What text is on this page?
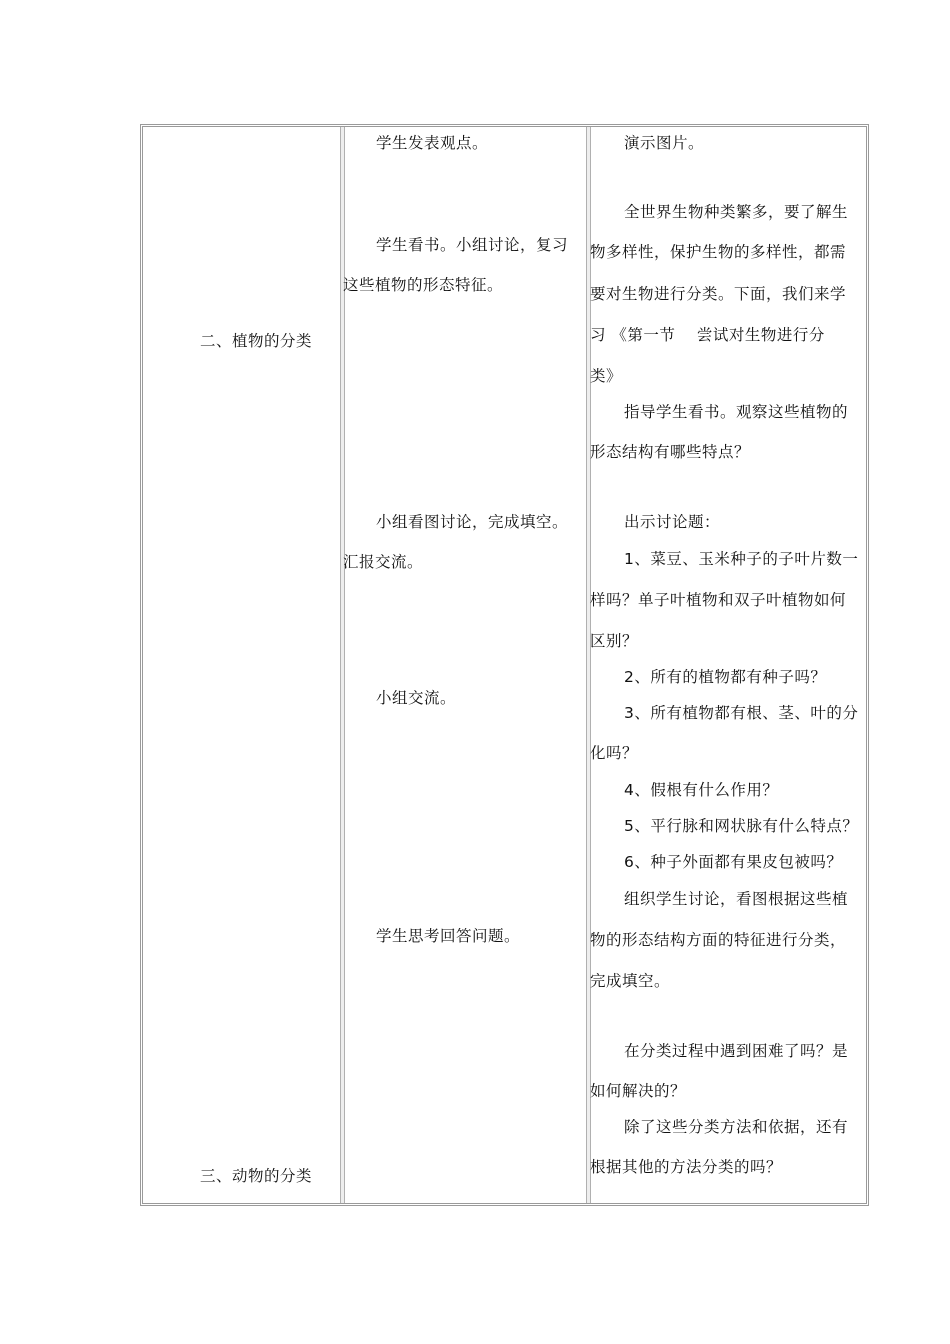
二、植物的分类
三、动物的分类
学生发表观点。
学生看书。小组讨论，复习
这些植物的形态特征。
小组看图讨论，完成填空。
汇报交流。
小组交流。
学生思考回答问题。
演示图片。
全世界生物种类繁多，要了解生
物多样性，保护生物的多样性，都需
要对生物进行分类。下面，我们来学
习 《第一节　 尝试对生物进行分
类》
指导学生看书。观察这些植物的
形态结构有哪些特点？
出示讨论题：
1、菜豆、玉米种子的子叶片数一
样吗？单子叶植物和双子叶植物如何
区别？
2、所有的植物都有种子吗？
3、所有植物都有根、茎、叶的分
化吗？
4、假根有什么作用？
5、平行脉和网状脉有什么特点？
6、种子外面都有果皮包被吗？
组织学生讨论，看图根据这些植
物的形态结构方面的特征进行分类，
完成填空。
在分类过程中遇到困难了吗？是
如何解决的？
除了这些分类方法和依据，还有
根据其他的方法分类的吗？
